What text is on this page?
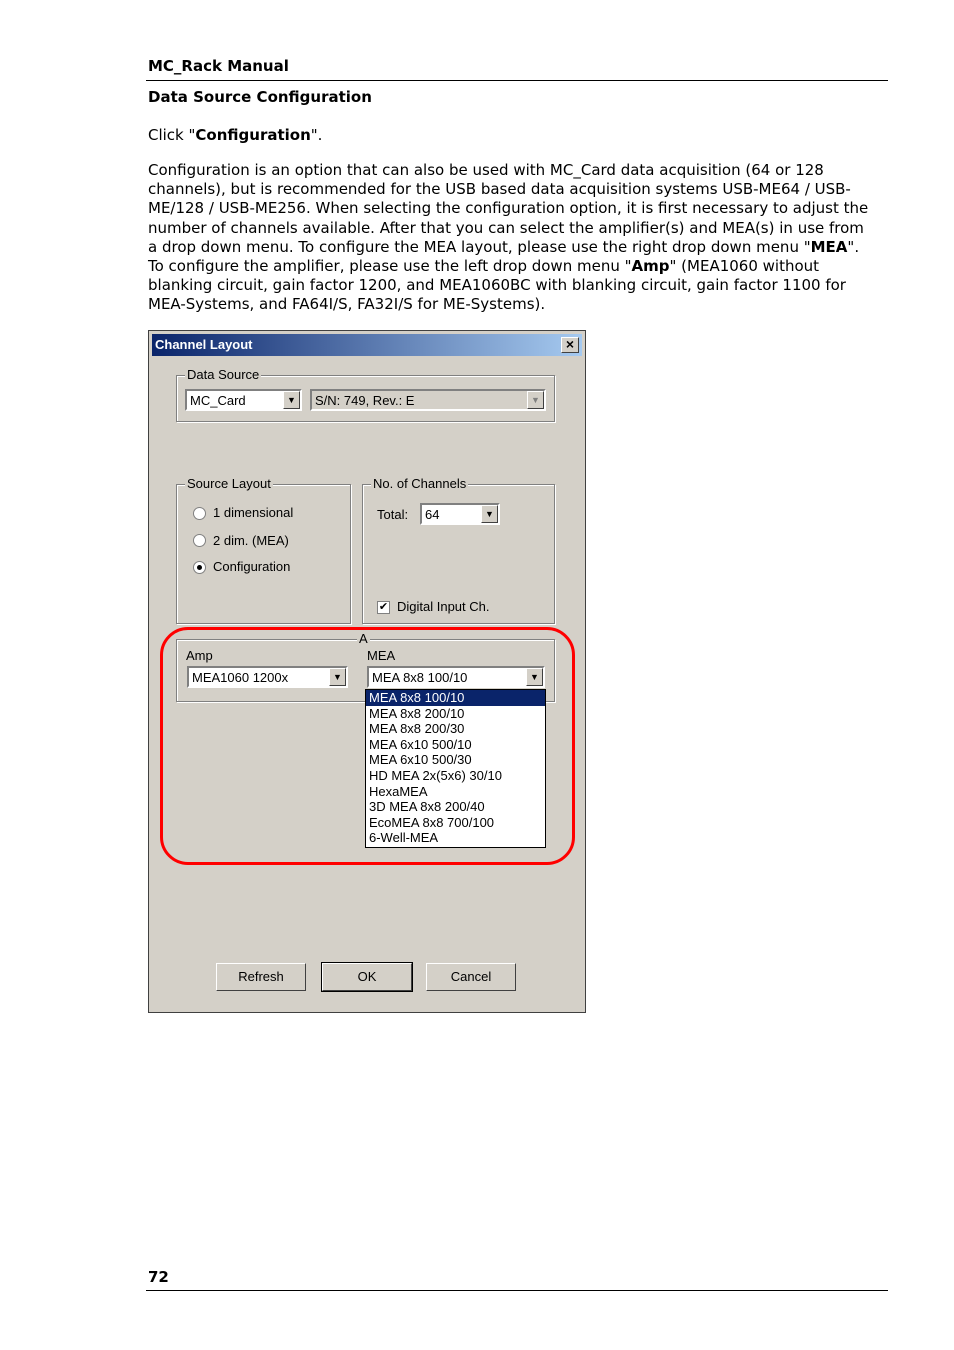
MC_Rack Manual
Data Source Configuration
Click "Configuration".
Configuration is an option that can also be used with MC_Card data acquisition (64 or 128
channels), but is recommended for the USB based data acquisition systems USB-ME64 / USB-
ME/128 / USB-ME256. When selecting the configuration option, it is first necessary to adjust the
number of channels available. After that you can select the amplifier(s) and MEA(s) in use from
a drop down menu. To configure the MEA layout, please use the right drop down menu "MEA".
To configure the amplifier, please use the left drop down menu "Amp" (MEA1060 without
blanking circuit, gain factor 1200, and MEA1060BC with blanking circuit, gain factor 1100 for
MEA-Systems, and FA64I/S, FA32I/S for ME-Systems).
Channel Layout	×
Data Source
MC_Card	▼	S/N: 749, Rev.: E	▼
Source Layout
1 dimensional
2 dim. (MEA)
Configuration
No. of Channels
Total: 64	▼
✔ Digital Input Ch.
A
Amp
MEA1060 1200x	▼
MEA
MEA 8x8 100/10	▼
MEA 8x8 100/10
MEA 8x8 200/10
MEA 8x8 200/30
MEA 6x10 500/10
MEA 6x10 500/30
HD MEA 2x(5x6) 30/10
HexaMEA
3D MEA 8x8 200/40
EcoMEA 8x8 700/100
6-Well-MEA
Refresh	OK	Cancel
72
